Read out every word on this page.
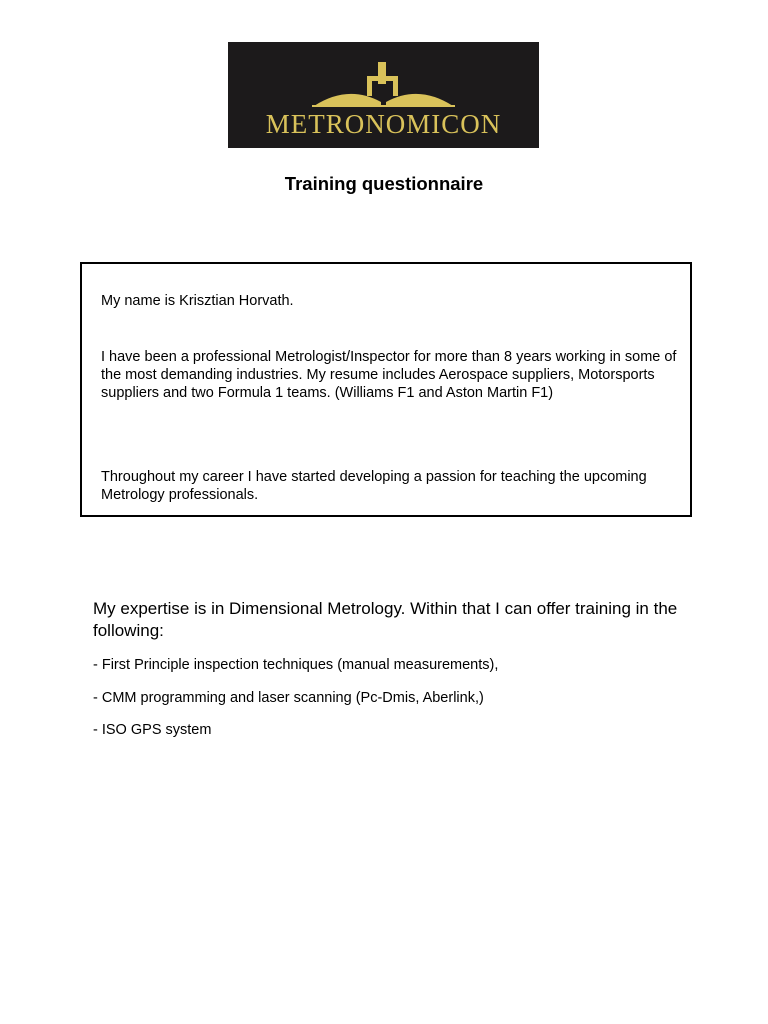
METRONOMICON
Training questionnaire

My name is Krisztian Horvath.

I have been a professional Metrologist/Inspector for more than 8 years working in some of the most demanding industries. My resume includes Aerospace suppliers, Motorsports suppliers and two Formula 1 teams. (Williams F1 and Aston Martin F1)

Throughout my career I have started developing a passion for teaching the upcoming Metrology professionals.

My expertise is in Dimensional Metrology. Within that I can offer training in the following:

- First Principle inspection techniques (manual measurements),

- CMM programming and laser scanning (Pc-Dmis, Aberlink,)

- ISO GPS system
